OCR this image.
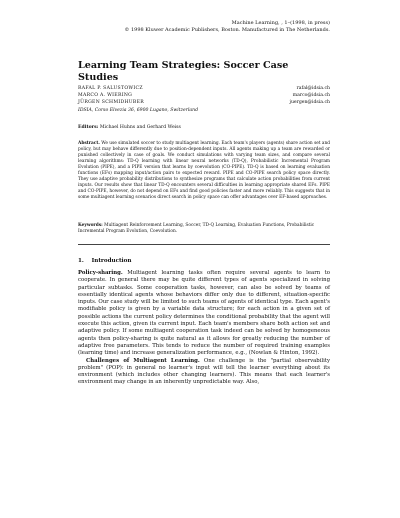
Machine Learning, , 1–(1998, in press)
© 1998 Kluwer Academic Publishers, Boston. Manufactured in The Netherlands.
Learning Team Strategies: Soccer Case Studies
RAFAL P. SALUSTOWICZ	rafal@idsia.ch
MARCO A. WIERING	marco@idsia.ch
JÜRGEN SCHMIDHUBER	juergen@idsia.ch
IDSIA, Corso Elvezia 36, 6900 Lugano, Switzerland
Editors: Michael Huhns and Gerhard Weiss
Abstract. We use simulated soccer to study multiagent learning. Each team's players (agents) share action set and policy, but may behave differently due to position-dependent inputs. All agents making up a team are rewarded or punished collectively in case of goals. We conduct simulations with varying team sizes, and compare several learning algorithms: TD-Q learning with linear neural networks (TD-Q), Probabilistic Incremental Program Evolution (PIPE), and a PIPE version that learns by coevolution (CO-PIPE). TD-Q is based on learning evaluation functions (EFs) mapping input/action pairs to expected reward. PIPE and CO-PIPE search policy space directly. They use adaptive probability distributions to synthesize programs that calculate action probabilities from current inputs. Our results show that linear TD-Q encounters several difficulties in learning appropriate shared EFs. PIPE and CO-PIPE, however, do not depend on EFs and find good policies faster and more reliably. This suggests that in some multiagent learning scenarios direct search in policy space can offer advantages over EF-based approaches.
Keywords: Multiagent Reinforcement Learning, Soccer, TD-Q Learning, Evaluation Functions, Probabilistic Incremental Program Evolution, Coevolution.
1. Introduction

Policy-sharing. Multiagent learning tasks often require several agents to learn to cooperate. In general there may be quite different types of agents specialized in solving particular subtasks. Some cooperation tasks, however, can also be solved by teams of essentially identical agents whose behaviors differ only due to different, situation-specific inputs. Our case study will be limited to such teams of agents of identical type. Each agent's modifiable policy is given by a variable data structure; for each action in a given set of possible actions the current policy determines the conditional probability that the agent will execute this action, given its current input. Each team's members share both action set and adaptive policy. If some multiagent cooperation task indeed can be solved by homogeneous agents then policy-sharing is quite natural as it allows for greatly reducing the number of adaptive free parameters. This tends to reduce the number of required training examples (learning time) and increase generalization performance, e.g., (Nowlan & Hinton, 1992).

Challenges of Multiagent Learning. One challenge is the "partial observability problem" (POP): in general no learner's input will tell the learner everything about its environment (which includes other changing learners). This means that each learner's environment may change in an inherently unpredictable way. Also,
